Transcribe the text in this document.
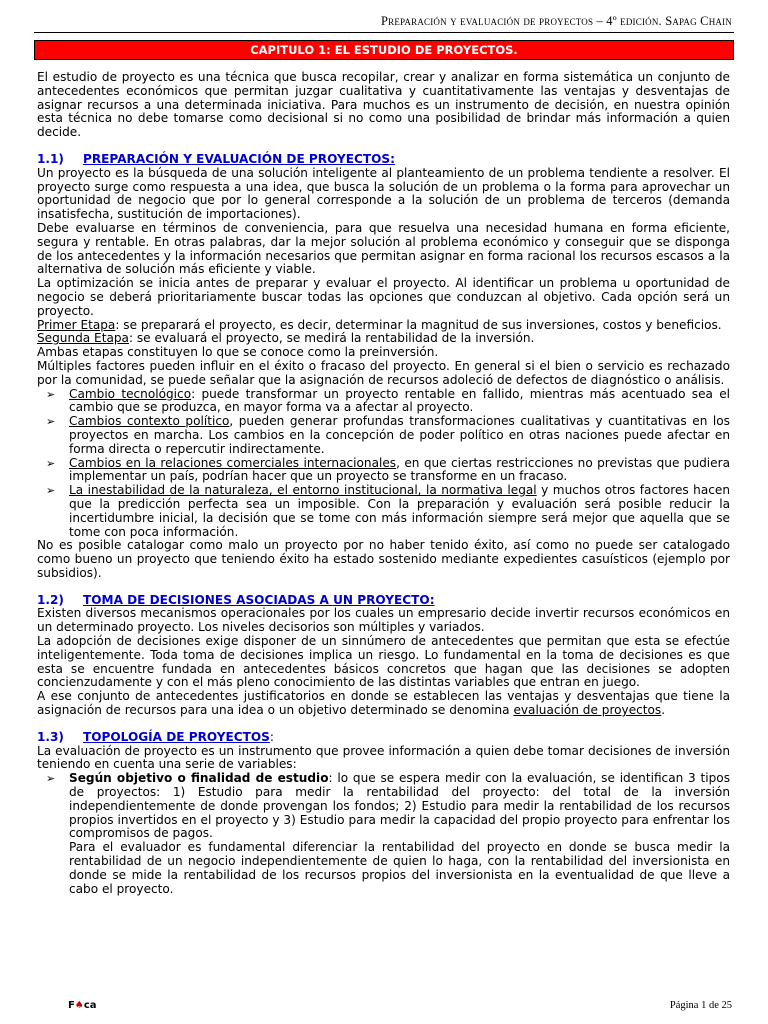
Preparación y evaluación de proyectos – 4º edición. Sapag Chain
CAPITULO 1: EL ESTUDIO DE PROYECTOS.

El estudio de proyecto es una técnica que busca recopilar, crear y analizar en forma sistemática un conjunto de antecedentes económicos que permitan juzgar cualitativa y cuantitativamente las ventajas y desventajas de asignar recursos a una determinada iniciativa. Para muchos es un instrumento de decisión, en nuestra opinión esta técnica no debe tomarse como decisional si no como una posibilidad de brindar más información a quien decide.

1.1) PREPARACIÓN Y EVALUACIÓN DE PROYECTOS:

Un proyecto es la búsqueda de una solución inteligente al planteamiento de un problema tendiente a resolver. El proyecto surge como respuesta a una idea, que busca la solución de un problema o la forma para aprovechar un oportunidad de negocio que por lo general corresponde a la solución de un problema de terceros (demanda insatisfecha, sustitución de importaciones).

Debe evaluarse en términos de conveniencia, para que resuelva una necesidad humana en forma eficiente, segura y rentable. En otras palabras, dar la mejor solución al problema económico y conseguir que se disponga de los antecedentes y la información necesarios que permitan asignar en forma racional los recursos escasos a la alternativa de solución más eficiente y viable.

La optimización se inicia antes de preparar y evaluar el proyecto. Al identificar un problema u oportunidad de negocio se deberá prioritariamente buscar todas las opciones que conduzcan al objetivo. Cada opción será un proyecto.

Primer Etapa: se preparará el proyecto, es decir, determinar la magnitud de sus inversiones, costos y beneficios.

Segunda Etapa: se evaluará el proyecto, se medirá la rentabilidad de la inversión.

Ambas etapas constituyen lo que se conoce como la preinversión.

Múltiples factores pueden influir en el éxito o fracaso del proyecto. En general si el bien o servicio es rechazado por la comunidad, se puede señalar que la asignación de recursos adoleció de defectos de diagnóstico o análisis.

➢ Cambio tecnológico: puede transformar un proyecto rentable en fallido, mientras más acentuado sea el cambio que se produzca, en mayor forma va a afectar al proyecto.
➢ Cambios contexto político, pueden generar profundas transformaciones cualitativas y cuantitativas en los proyectos en marcha. Los cambios en la concepción de poder político en otras naciones puede afectar en forma directa o repercutir indirectamente.
➢ Cambios en la relaciones comerciales internacionales, en que ciertas restricciones no previstas que pudiera implementar un país, podrían hacer que un proyecto se transforme en un fracaso.
➢ La inestabilidad de la naturaleza, el entorno institucional, la normativa legal y muchos otros factores hacen que la predicción perfecta sea un imposible. Con la preparación y evaluación será posible reducir la incertidumbre inicial, la decisión que se tome con más información siempre será mejor que aquella que se tome con poca información.

No es posible catalogar como malo un proyecto por no haber tenido éxito, así como no puede ser catalogado como bueno un proyecto que teniendo éxito ha estado sostenido mediante expedientes casuísticos (ejemplo por subsidios).

1.2) TOMA DE DECISIONES ASOCIADAS A UN PROYECTO:

Existen diversos mecanismos operacionales por los cuales un empresario decide invertir recursos económicos en un determinado proyecto. Los niveles decisorios son múltiples y variados.

La adopción de decisiones exige disponer de un sinnúmero de antecedentes que permitan que esta se efectúe inteligentemente. Toda toma de decisiones implica un riesgo. Lo fundamental en la toma de decisiones es que esta se encuentre fundada en antecedentes básicos concretos que hagan que las decisiones se adopten concienzudamente y con el más pleno conocimiento de las distintas variables que entran en juego.

A ese conjunto de antecedentes justificatorios en donde se establecen las ventajas y desventajas que tiene la asignación de recursos para una idea o un objetivo determinado se denomina evaluación de proyectos.

1.3) TOPOLOGÍA DE PROYECTOS:

La evaluación de proyecto es un instrumento que provee información a quien debe tomar decisiones de inversión teniendo en cuenta una serie de variables:

➢ Según objetivo o finalidad de estudio: lo que se espera medir con la evaluación, se identifican 3 tipos de proyectos: 1) Estudio para medir la rentabilidad del proyecto: del total de la inversión independientemente de donde provengan los fondos; 2) Estudio para medir la rentabilidad de los recursos propios invertidos en el proyecto y 3) Estudio para medir la capacidad del propio proyecto para enfrentar los compromisos de pagos.
Para el evaluador es fundamental diferenciar la rentabilidad del proyecto en donde se busca medir la rentabilidad de un negocio independientemente de quien lo haga, con la rentabilidad del inversionista en donde se mide la rentabilidad de los recursos propios del inversionista en la eventualidad de que lleve a cabo el proyecto.
F♠ca	Página 1 de 25
